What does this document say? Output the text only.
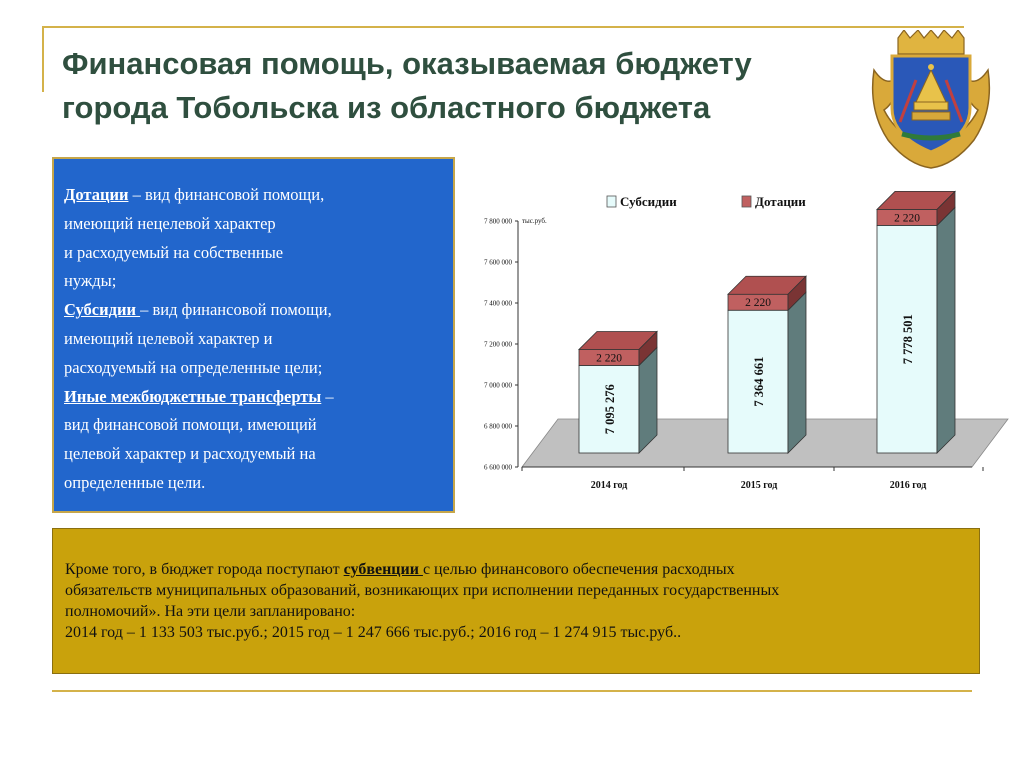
Финансовая помощь, оказываемая бюджету
города Тобольска из областного бюджета

Дотации – вид финансовой помощи,

имеющий нецелевой характер

и расходуемый на собственные

нужды;

Субсидии – вид финансовой помощи,

имеющий целевой характер и

расходуемый на определенные цели;

Иные межбюджетные трансферты –

вид финансовой помощи, имеющий

целевой характер и расходуемый на

определенные цели.

6 600 000
6 800 000
7 000 000
7 200 000
7 400 000
7 600 000
7 800 000
2014 год	2015 год	2016 год
2 220
7 095 276
2 220
7 364 661
2 220
7 778 501
Субсидии	Дотации
тыс.руб.

Кроме того, в бюджет города поступают субвенции с целью финансового обеспечения расходных

обязательств муниципальных образований, возникающих при исполнении переданных государственных

полномочий». На эти цели запланировано:

2014 год – 1 133 503 тыс.руб.; 2015 год – 1 247 666 тыс.руб.; 2016 год – 1 274 915 тыс.руб..
